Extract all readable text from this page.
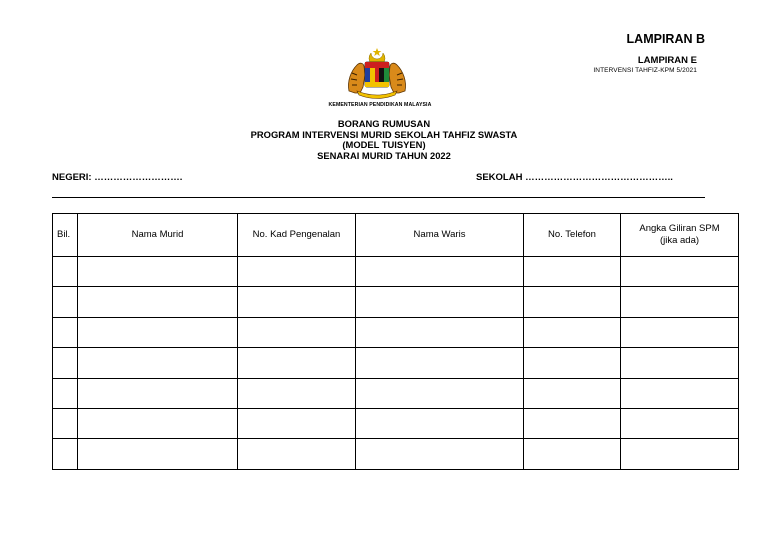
LAMPIRAN B
LAMPIRAN E
INTERVENSI TAHFIZ-KPM 5/2021
KEMENTERIAN PENDIDIKAN MALAYSIA
BORANG RUMUSAN
PROGRAM INTERVENSI MURID SEKOLAH TAHFIZ SWASTA
(MODEL TUISYEN)
SENARAI MURID TAHUN 2022
NEGERI: ……………………….	SEKOLAH ………………………………………..
Bil.	Nama Murid	No. Kad Pengenalan	Nama Waris	No. Telefon	Angka Giliran SPM
(jika ada)
